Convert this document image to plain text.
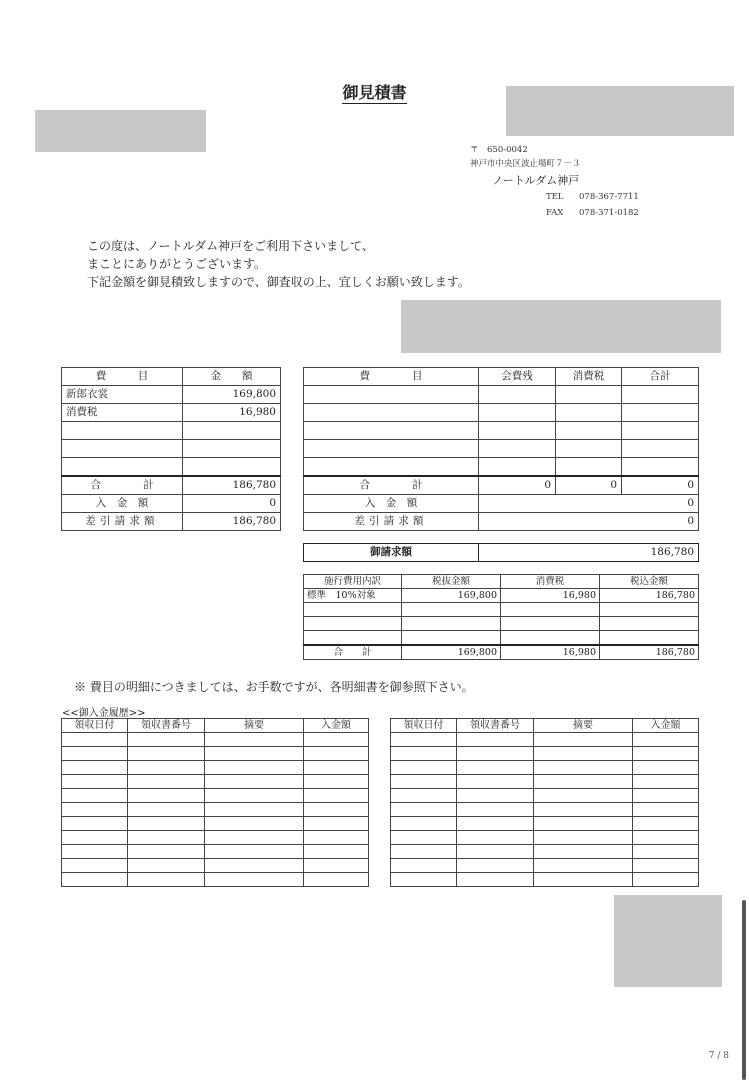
御見積書
〒　650-0042
神戸市中央区波止場町７－３
ノートルダム神戸
TEL 078-367-7711
FAX 078-371-0182
この度は、ノートルダム神戸をご利用下さいまして、
まことにありがとうございます。
下記金額を御見積致しますので、御査収の上、宜しくお願い致します。
費　　　目	金　　額
新郎衣裳	169,800
消費税	16,980

合　　　　計	186,780
入　金　額	0
差引請求額	186,780
費　　　　目	会費残	消費税	合計

合　　　　計	0	0	0
入　金　額	0		
差引請求額	0		
御請求額	186,780
施行費用内訳	税抜金額	消費税	税込金額
標準　10%対象	169,800	16,980	186,780

合　　計	169,800	16,980	186,780
※ 費目の明細につきましては、お手数ですが、各明細書を御参照下さい。
<<御入金履歴>>
領収日付	領収書番号	摘要	入金額

				領収日付	領収書番号	摘要	入金額

7 / 8
